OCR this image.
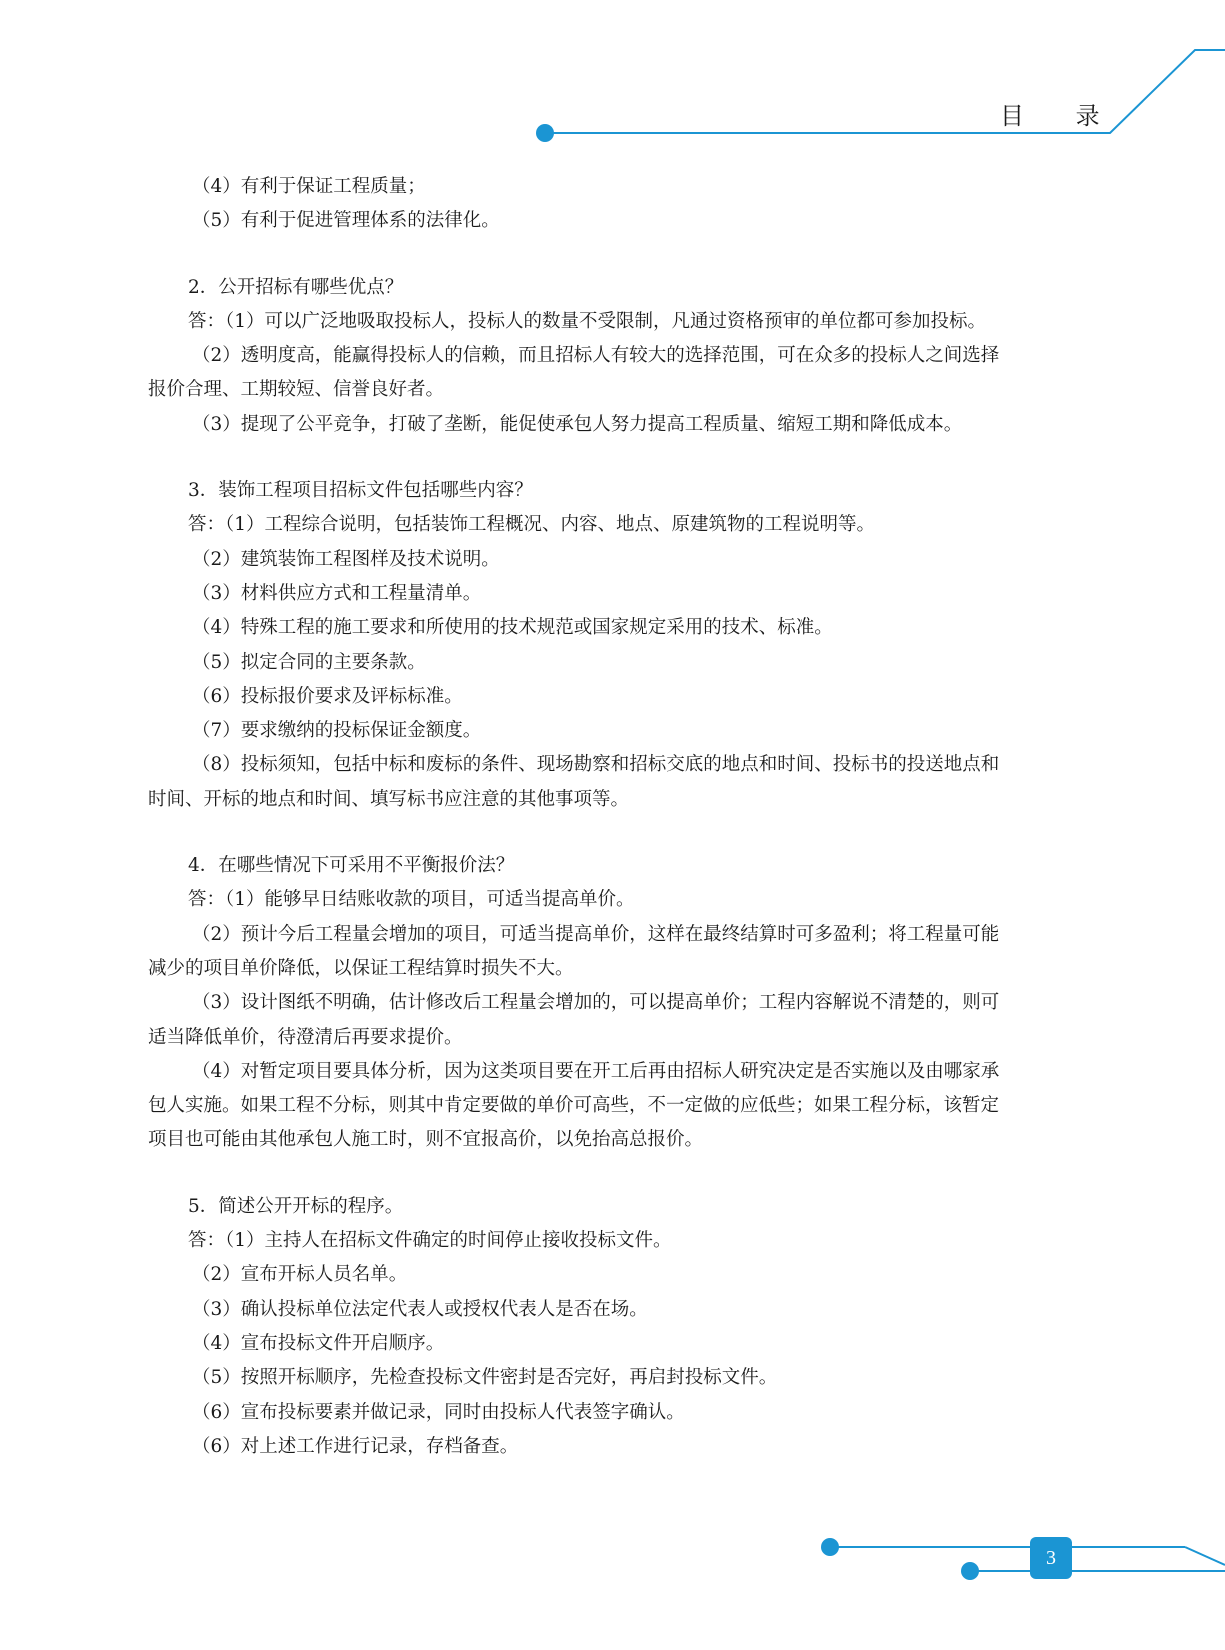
目 录
（4）有利于保证工程质量；
（5）有利于促进管理体系的法律化。
2．公开招标有哪些优点？
答：（1）可以广泛地吸取投标人，投标人的数量不受限制，凡通过资格预审的单位都可参加投标。
（2）透明度高，能赢得投标人的信赖，而且招标人有较大的选择范围，可在众多的投标人之间选择
报价合理、工期较短、信誉良好者。
（3）提现了公平竞争，打破了垄断，能促使承包人努力提高工程质量、缩短工期和降低成本。
3．装饰工程项目招标文件包括哪些内容？
答：（1）工程综合说明，包括装饰工程概况、内容、地点、原建筑物的工程说明等。
（2）建筑装饰工程图样及技术说明。
（3）材料供应方式和工程量清单。
（4）特殊工程的施工要求和所使用的技术规范或国家规定采用的技术、标准。
（5）拟定合同的主要条款。
（6）投标报价要求及评标标准。
（7）要求缴纳的投标保证金额度。
（8）投标须知，包括中标和废标的条件、现场勘察和招标交底的地点和时间、投标书的投送地点和
时间、开标的地点和时间、填写标书应注意的其他事项等。
4．在哪些情况下可采用不平衡报价法？
答：（1）能够早日结账收款的项目，可适当提高单价。
（2）预计今后工程量会增加的项目，可适当提高单价，这样在最终结算时可多盈利；将工程量可能
减少的项目单价降低，以保证工程结算时损失不大。
（3）设计图纸不明确，估计修改后工程量会增加的，可以提高单价；工程内容解说不清楚的，则可
适当降低单价，待澄清后再要求提价。
（4）对暂定项目要具体分析，因为这类项目要在开工后再由招标人研究决定是否实施以及由哪家承
包人实施。如果工程不分标，则其中肯定要做的单价可高些，不一定做的应低些；如果工程分标，该暂定
项目也可能由其他承包人施工时，则不宜报高价，以免抬高总报价。
5．简述公开开标的程序。
答：（1）主持人在招标文件确定的时间停止接收投标文件。
（2）宣布开标人员名单。
（3）确认投标单位法定代表人或授权代表人是否在场。
（4）宣布投标文件开启顺序。
（5）按照开标顺序，先检查投标文件密封是否完好，再启封投标文件。
（6）宣布投标要素并做记录，同时由投标人代表签字确认。
（6）对上述工作进行记录，存档备查。
3
